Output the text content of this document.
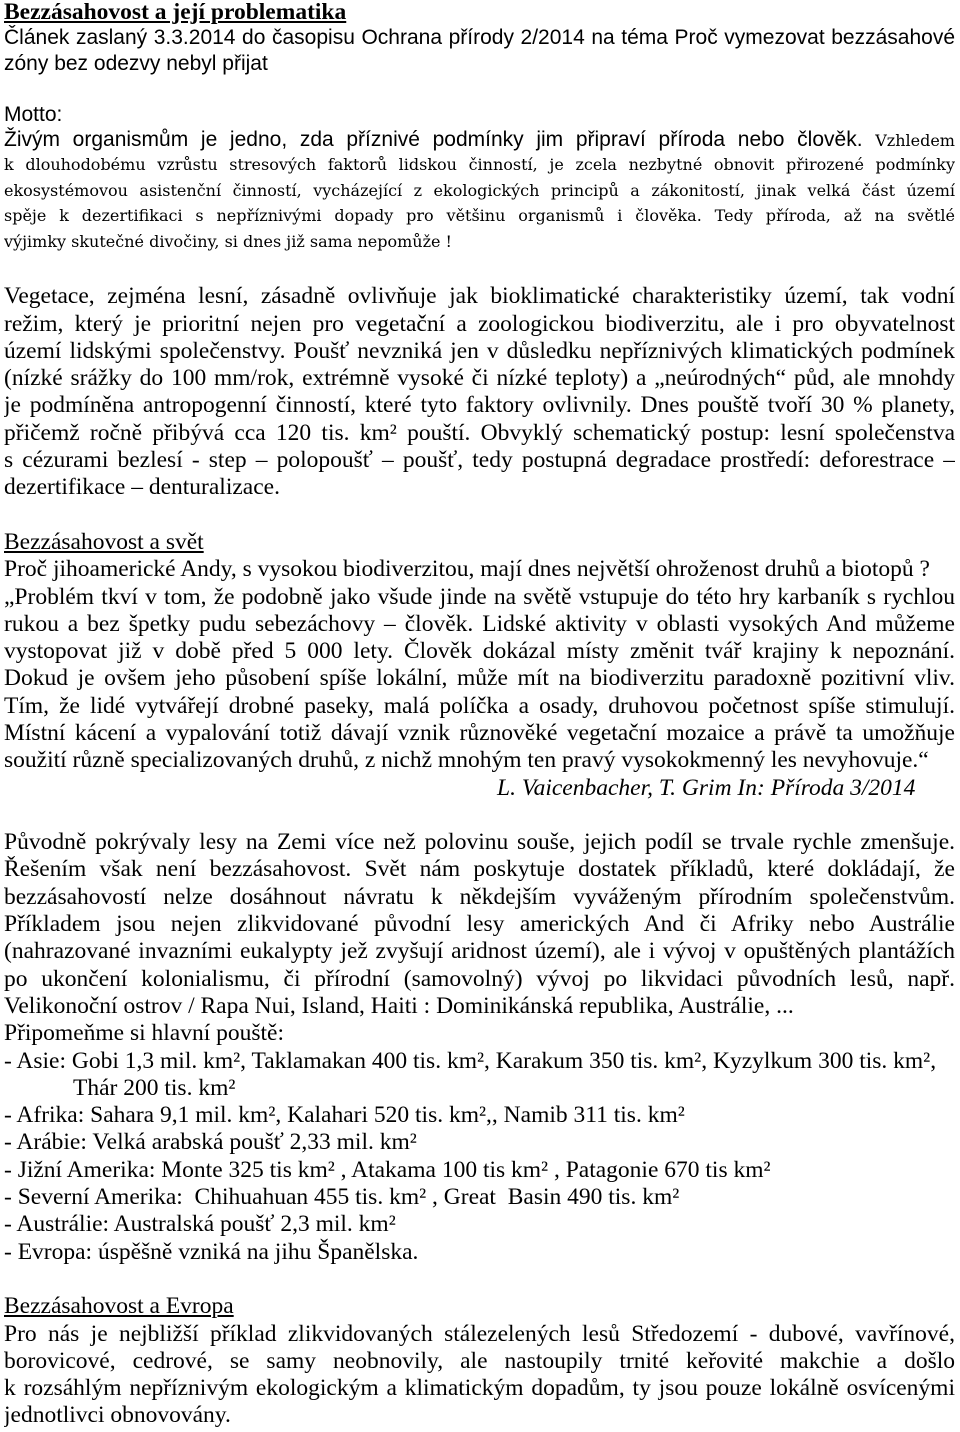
Bezzásahovost a její problematika
Článek zaslaný 3.3.2014 do časopisu Ochrana přírody 2/2014 na téma Proč vymezovat bezzásahové
zóny bez odezvy nebyl přijat
Motto:
Živým organismům je jedno, zda příznivé podmínky jim připraví příroda nebo člověk. Vzhledem
k dlouhodobému vzrůstu stresových faktorů lidskou činností, je zcela nezbytné obnovit přirozené podmínky
ekosystémovou asistenční činností, vycházející z ekologických principů a zákonitostí, jinak velká část území
spěje k dezertifikaci s nepříznivými dopady pro většinu organismů i člověka. Tedy příroda, až na světlé
výjimky skutečné divočiny, si dnes již sama nepomůže !
Vegetace, zejména lesní, zásadně ovlivňuje jak bioklimatické charakteristiky území, tak vodní
režim, který je prioritní nejen pro vegetační a zoologickou biodiverzitu, ale i pro obyvatelnost
území lidskými společenstvy. Poušť nevzniká jen v důsledku nepříznivých klimatických podmínek
(nízké srážky do 100 mm/rok, extrémně vysoké či nízké teploty) a „neúrodných“ půd, ale mnohdy
je podmíněna antropogenní činností, které tyto faktory ovlivnily. Dnes pouště tvoří 30 % planety,
přičemž ročně přibývá cca 120 tis. km² pouští. Obvyklý schematický postup: lesní společenstva
s cézurami bezlesí - step – polopoušť – poušť, tedy postupná degradace prostředí: deforestrace –
dezertifikace – denturalizace.
Bezzásahovost a svět
Proč jihoamerické Andy, s vysokou biodiverzitou, mají dnes největší ohroženost druhů a biotopů ?
„Problém tkví v tom, že podobně jako všude jinde na světě vstupuje do této hry karbaník s rychlou
rukou a bez špetky pudu sebezáchovy – člověk. Lidské aktivity v oblasti vysokých And můžeme
vystopovat již v době před 5 000 lety. Člověk dokázal místy změnit tvář krajiny k nepoznání.
Dokud je ovšem jeho působení spíše lokální, může mít na biodiverzitu paradoxně pozitivní vliv.
Tím, že lidé vytvářejí drobné paseky, malá políčka a osady, druhovou početnost spíše stimulují.
Místní kácení a vypalování totiž dávají vznik různověké vegetační mozaice a právě ta umožňuje
soužití různě specializovaných druhů, z nichž mnohým ten pravý vysokokmenný les nevyhovuje.“
L. Vaicenbacher, T. Grim In: Příroda 3/2014
Původně pokrývaly lesy na Zemi více než polovinu souše, jejich podíl se trvale rychle zmenšuje.
Řešením však není bezzásahovost. Svět nám poskytuje dostatek příkladů, které dokládají, že
bezzásahovostí nelze dosáhnout návratu k někdejším vyváženým přírodním společenstvům.
Příkladem jsou nejen zlikvidované původní lesy amerických And či Afriky nebo Austrálie
(nahrazované invazními eukalypty jež zvyšují aridnost území), ale i vývoj v opuštěných plantážích
po ukončení kolonialismu, či přírodní (samovolný) vývoj po likvidaci původních lesů, např.
Velikonoční ostrov / Rapa Nui, Island, Haiti : Dominikánská republika, Austrálie, ...
Připomeňme si hlavní pouště:
- Asie: Gobi 1,3 mil. km², Taklamakan 400 tis. km², Karakum 350 tis. km², Kyzylkum 300 tis. km²,
Thár 200 tis. km²
- Afrika: Sahara 9,1 mil. km², Kalahari 520 tis. km²,, Namib 311 tis. km²
- Arábie: Velká arabská poušť 2,33 mil. km²
- Jižní Amerika: Monte 325 tis km² , Atakama 100 tis km² , Patagonie 670 tis km²
- Severní Amerika:  Chihuahuan 455 tis. km² , Great  Basin 490 tis. km²
- Austrálie: Australská poušť 2,3 mil. km²
- Evropa: úspěšně vzniká na jihu Španělska.
Bezzásahovost a Evropa
Pro nás je nejbližší příklad zlikvidovaných stálezelených lesů Středozemí - dubové, vavřínové,
borovicové, cedrové, se samy neobnovily, ale nastoupily trnité keřovité makchie a došlo
k rozsáhlým nepříznivým ekologickým a klimatickým dopadům, ty jsou pouze lokálně osvícenými
jednotlivci obnovovány.
